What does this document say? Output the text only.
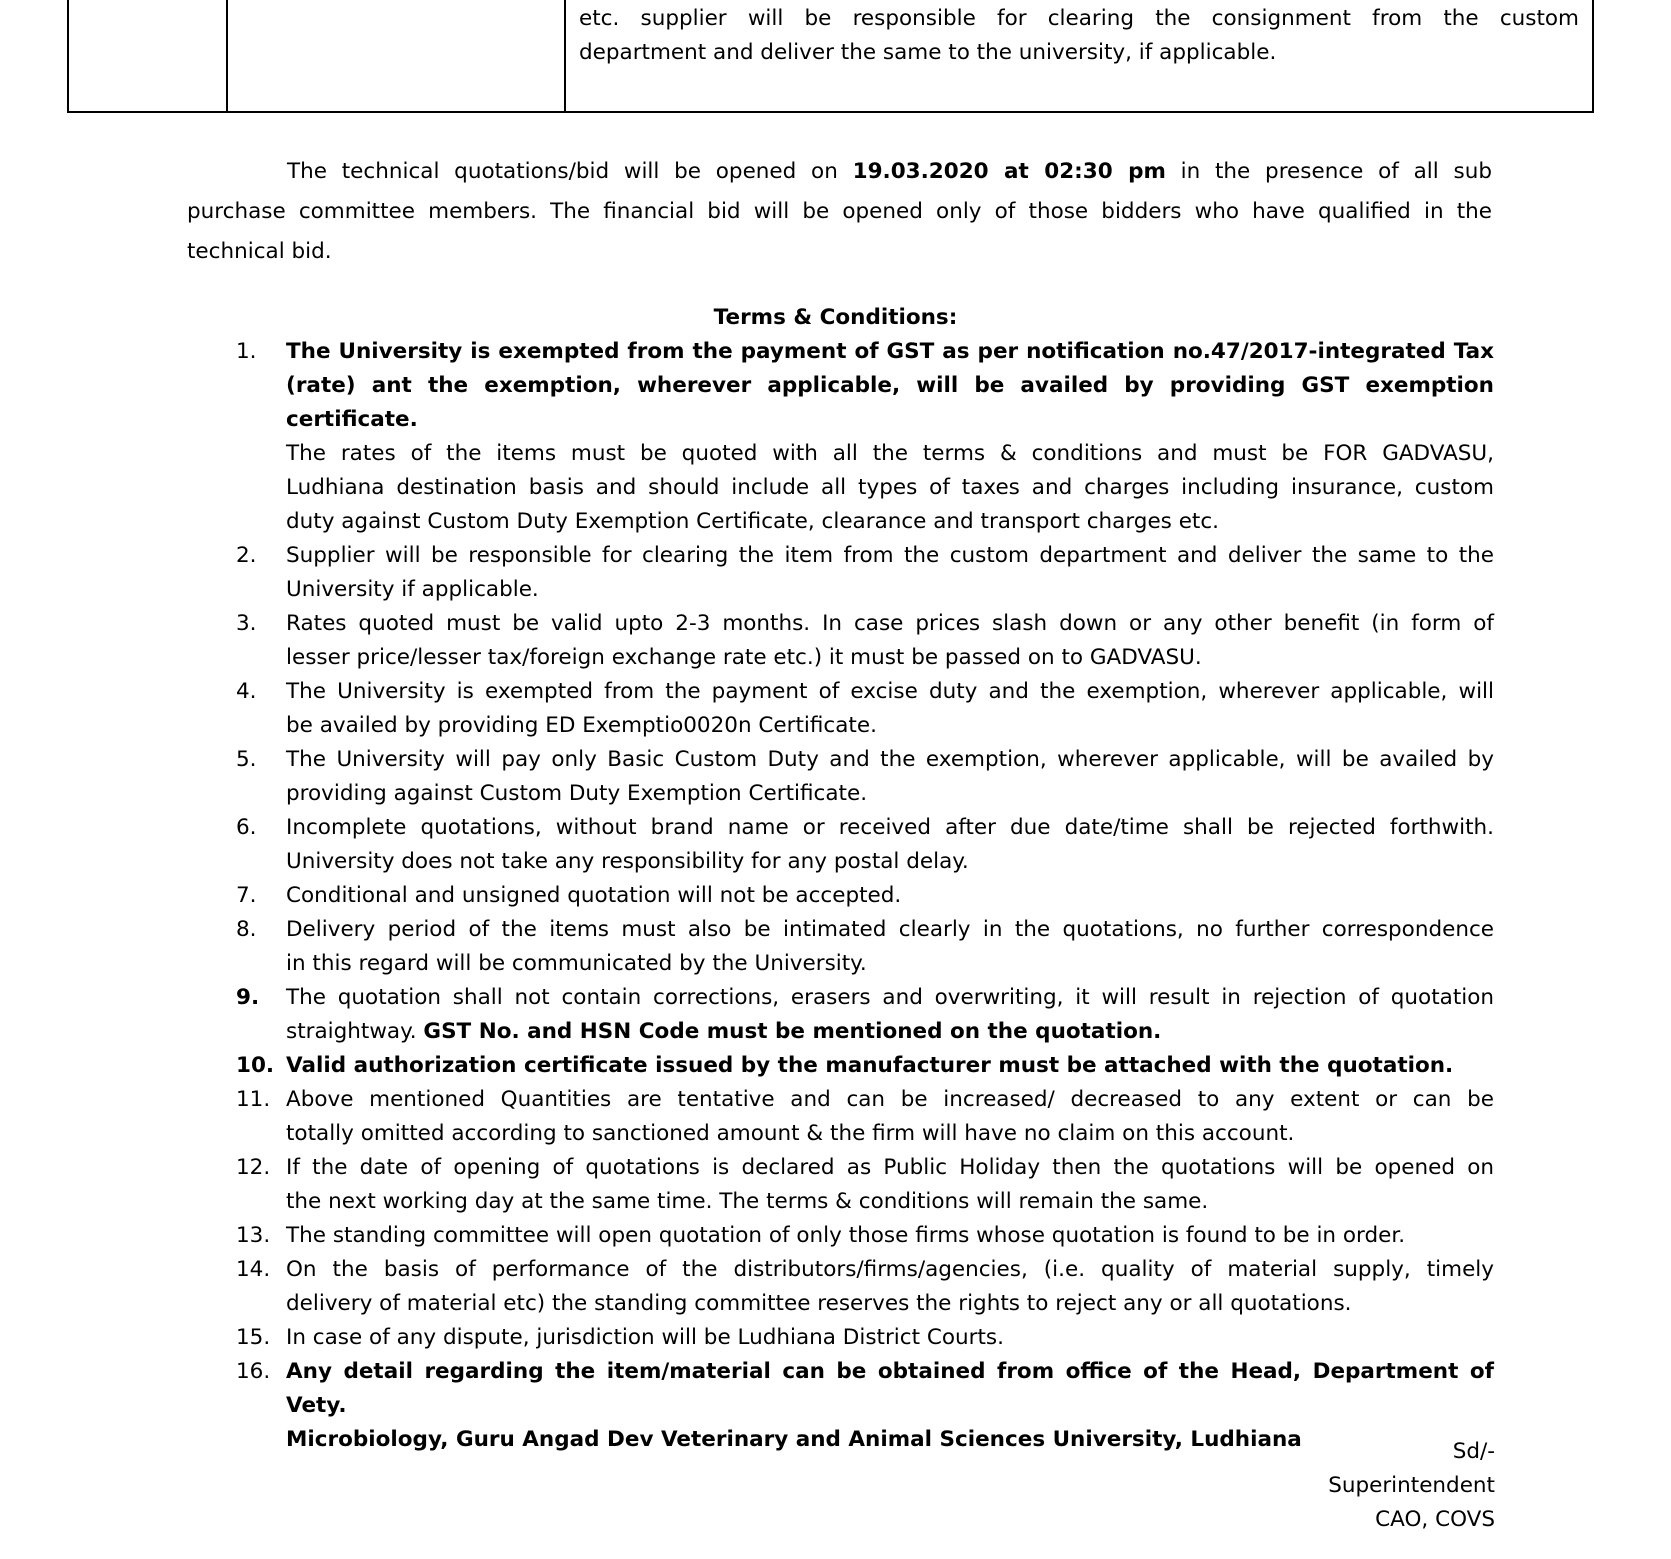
etc. supplier will be responsible for clearing the consignment from the custom
department and deliver the same to the university, if applicable.
The technical quotations/bid will be opened on 19.03.2020 at 02:30 pm in the presence of all sub
purchase committee members. The financial bid will be opened only of those bidders who have qualified in the
technical bid.
Terms & Conditions:
1. The University is exempted from the payment of GST as per notification no.47/2017-integrated Tax
(rate) ant the exemption, wherever applicable, will be availed by providing GST exemption certificate.
The rates of the items must be quoted with all the terms & conditions and must be FOR GADVASU,
Ludhiana destination basis and should include all types of taxes and charges including insurance, custom
duty against Custom Duty Exemption Certificate, clearance and transport charges etc.
2. Supplier will be responsible for clearing the item from the custom department and deliver the same to the
University if applicable.
3. Rates quoted must be valid upto 2-3 months. In case prices slash down or any other benefit (in form of
lesser price/lesser tax/foreign exchange rate etc.) it must be passed on to GADVASU.
4. The University is exempted from the payment of excise duty and the exemption, wherever applicable, will
be availed by providing ED Exemptio0020n Certificate.
5. The University will pay only Basic Custom Duty and the exemption, wherever applicable, will be availed by
providing against Custom Duty Exemption Certificate.
6. Incomplete quotations, without brand name or received after due date/time shall be rejected forthwith.
University does not take any responsibility for any postal delay.
7. Conditional and unsigned quotation will not be accepted.
8. Delivery period of the items must also be intimated clearly in the quotations, no further correspondence
in this regard will be communicated by the University.
9. The quotation shall not contain corrections, erasers and overwriting, it will result in rejection of quotation
straightway. GST No. and HSN Code must be mentioned on the quotation.
10. Valid authorization certificate issued by the manufacturer must be attached with the quotation.
11. Above mentioned Quantities are tentative and can be increased/ decreased to any extent or can be
totally omitted according to sanctioned amount & the firm will have no claim on this account.
12. If the date of opening of quotations is declared as Public Holiday then the quotations will be opened on
the next working day at the same time. The terms & conditions will remain the same.
13. The standing committee will open quotation of only those firms whose quotation is found to be in order.
14. On the basis of performance of the distributors/firms/agencies, (i.e. quality of material supply, timely
delivery of material etc) the standing committee reserves the rights to reject any or all quotations.
15. In case of any dispute, jurisdiction will be Ludhiana District Courts.
16. Any detail regarding the item/material can be obtained from office of the Head, Department of Vety.
Microbiology, Guru Angad Dev Veterinary and Animal Sciences University, Ludhiana	Sd/-
Superintendent
CAO, COVS
